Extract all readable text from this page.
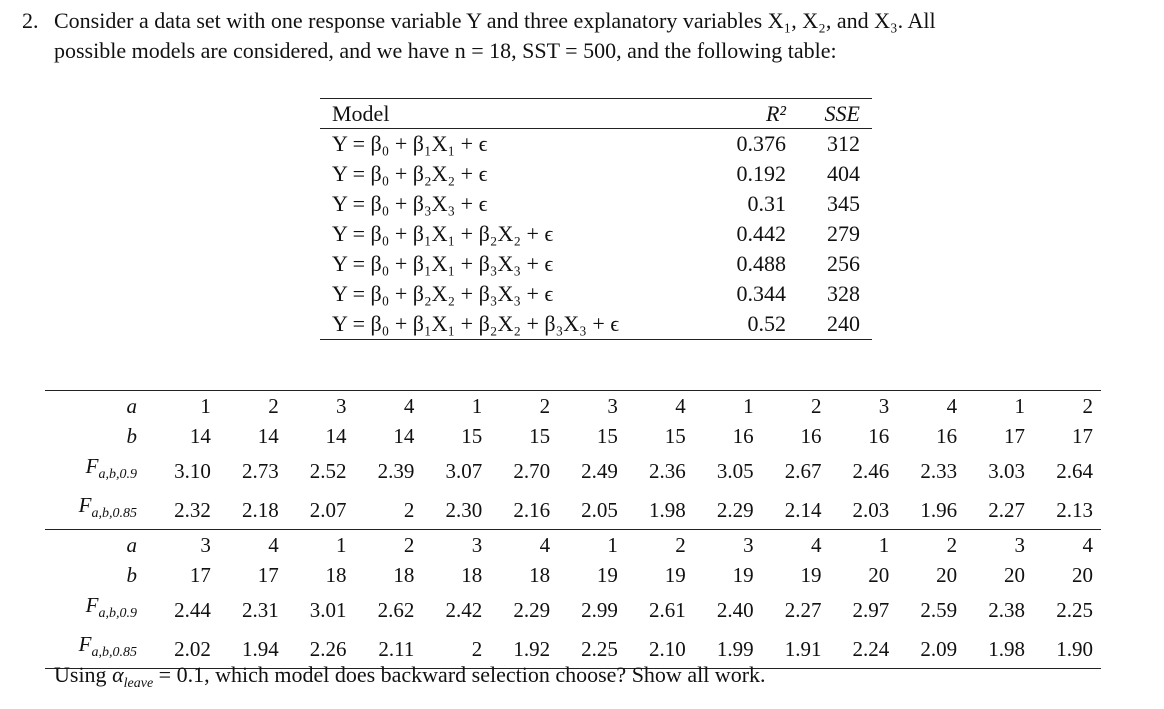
2. Consider a data set with one response variable Y and three explanatory variables X₁, X₂, and X₃. All
possible models are considered, and we have n = 18, SST = 500, and the following table:
Model	R²	SSE
Y = β₀ + β₁X₁ + ϵ	0.376	312
Y = β₀ + β₂X₂ + ϵ	0.192	404
Y = β₀ + β₃X₃ + ϵ	0.31	345
Y = β₀ + β₁X₁ + β₂X₂ + ϵ	0.442	279
Y = β₀ + β₁X₁ + β₃X₃ + ϵ	0.488	256
Y = β₀ + β₂X₂ + β₃X₃ + ϵ	0.344	328
Y = β₀ + β₁X₁ + β₂X₂ + β₃X₃ + ϵ	0.52	240
a	1	2	3	4	1	2	3	4	1	2	3	4	1	2
b	14	14	14	14	15	15	15	15	16	16	16	16	17	17
$F_{a,b,0.9}$	3.10	2.73	2.52	2.39	3.07	2.70	2.49	2.36	3.05	2.67	2.46	2.33	3.03	2.64
$F_{a,b,0.85}$	2.32	2.18	2.07	2	2.30	2.16	2.05	1.98	2.29	2.14	2.03	1.96	2.27	2.13
a	3	4	1	2	3	4	1	2	3	4	1	2	3	4
b	17	17	18	18	18	18	19	19	19	19	20	20	20	20
$F_{a,b,0.9}$	2.44	2.31	3.01	2.62	2.42	2.29	2.99	2.61	2.40	2.27	2.97	2.59	2.38	2.25
$F_{a,b,0.85}$	2.02	1.94	2.26	2.11	2	1.92	2.25	2.10	1.99	1.91	2.24	2.09	1.98	1.90
Using $\alpha_{leave} = 0.1$, which model does backward selection choose? Show all work.
